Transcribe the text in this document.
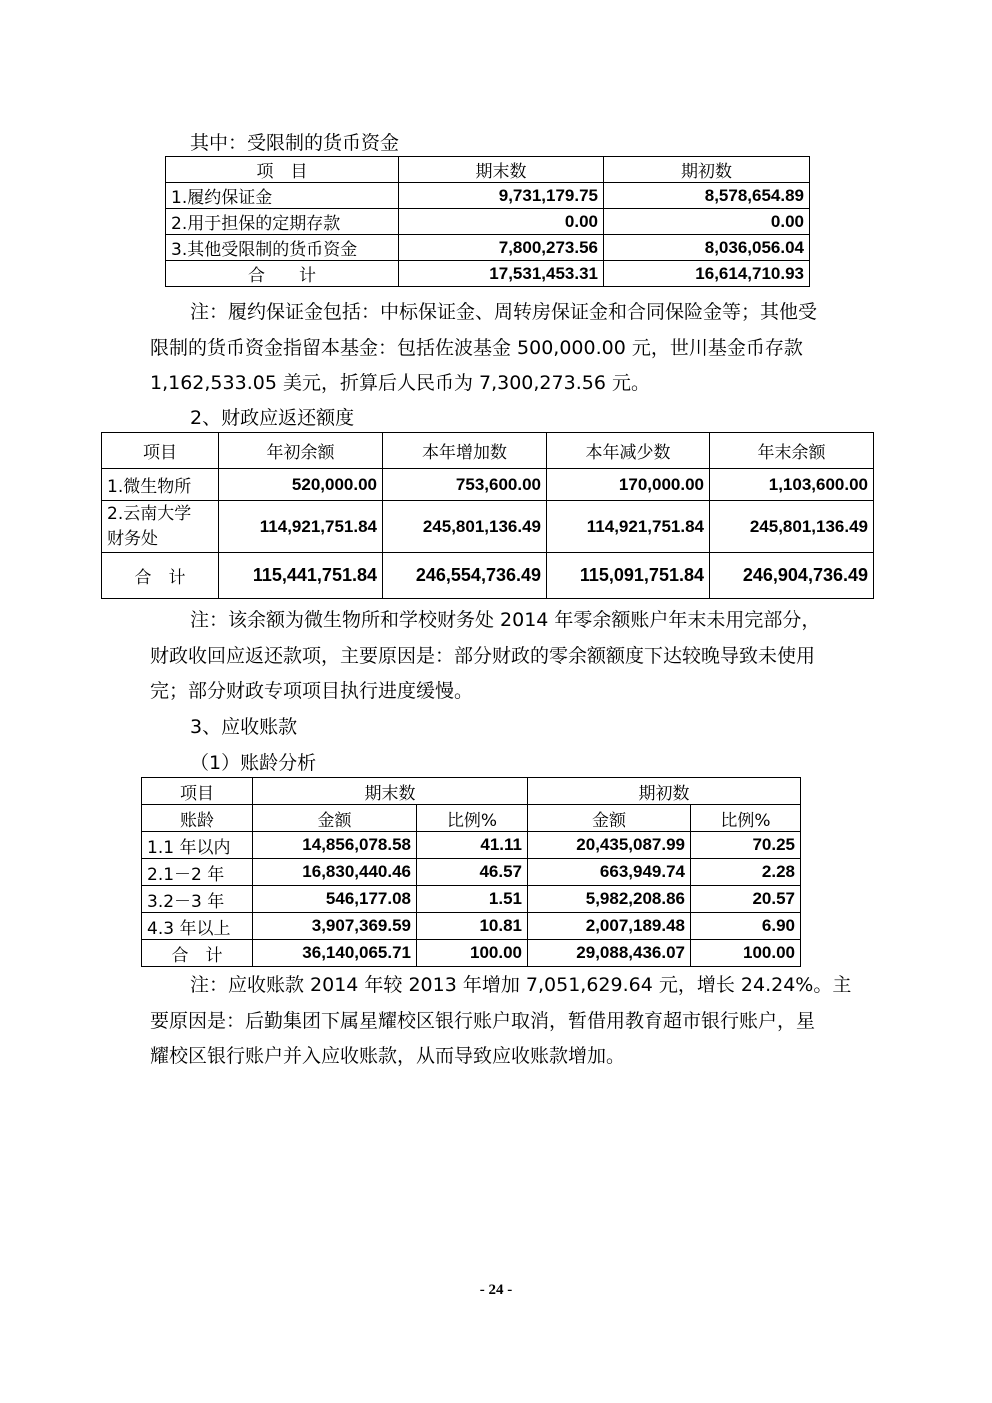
其中：受限制的货币资金
项　目	期末数	期初数
1.履约保证金	9,731,179.75	8,578,654.89
2.用于担保的定期存款	0.00	0.00
3.其他受限制的货币资金	7,800,273.56	8,036,056.04
合　　计	17,531,453.31	16,614,710.93
注：履约保证金包括：中标保证金、周转房保证金和合同保险金等；其他受
限制的货币资金指留本基金：包括佐波基金 500,000.00 元，世川基金币存款
1,162,533.05 美元，折算后人民币为 7,300,273.56 元。
2、财政应返还额度
项目	年初余额	本年增加数	本年减少数	年末余额
1.微生物所	520,000.00	753,600.00	170,000.00	1,103,600.00
2.云南大学
财务处	114,921,751.84	245,801,136.49	114,921,751.84	245,801,136.49
合　计	115,441,751.84	246,554,736.49	115,091,751.84	246,904,736.49
注：该余额为微生物所和学校财务处 2014 年零余额账户年末未用完部分，
财政收回应返还款项，主要原因是：部分财政的零余额额度下达较晚导致未使用
完；部分财政专项项目执行进度缓慢。
3、应收账款
（1）账龄分析
项目	期末数		期初数	
账龄	金额	比例%	金额	比例%
1.1 年以内	14,856,078.58	41.11	20,435,087.99	70.25
2.1－2 年	16,830,440.46	46.57	663,949.74	2.28
3.2－3 年	546,177.08	1.51	5,982,208.86	20.57
4.3 年以上	3,907,369.59	10.81	2,007,189.48	6.90
合　计	36,140,065.71	100.00	29,088,436.07	100.00
注：应收账款 2014 年较 2013 年增加 7,051,629.64 元，增长 24.24%。主
要原因是：后勤集团下属星耀校区银行账户取消，暂借用教育超市银行账户，星
耀校区银行账户并入应收账款，从而导致应收账款增加。
- 24 -
